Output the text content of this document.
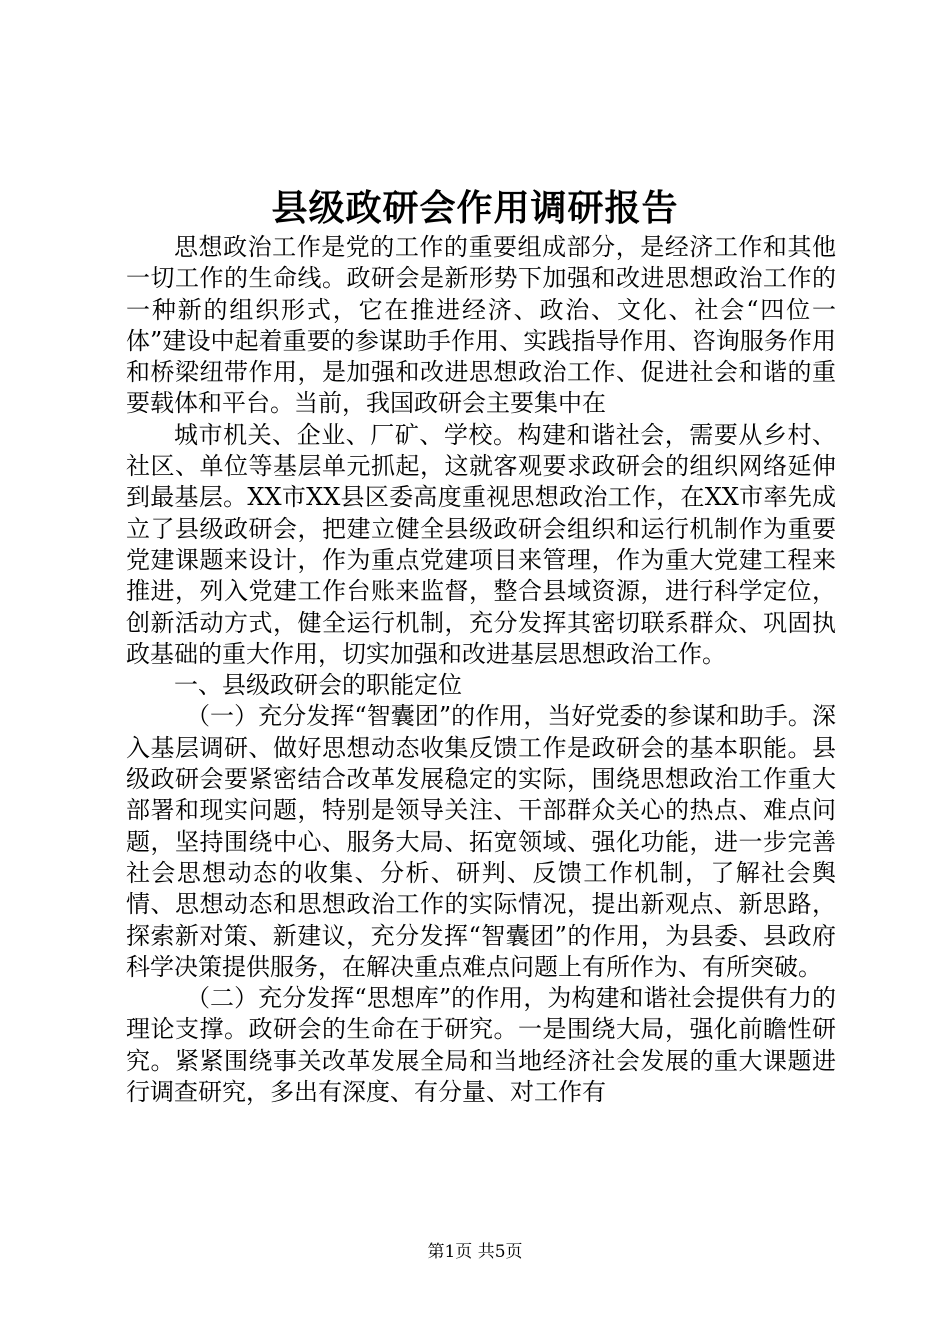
县级政研会作用调研报告

思想政治工作是党的工作的重要组成部分，是经济工作和其他一切工作的生命线。政研会是新形势下加强和改进思想政治工作的一种新的组织形式，它在推进经济、政治、文化、社会“四位一体”建设中起着重要的参谋助手作用、实践指导作用、咨询服务作用和桥梁纽带作用，是加强和改进思想政治工作、促进社会和谐的重要载体和平台。当前，我国政研会主要集中在

城市机关、企业、厂矿、学校。构建和谐社会，需要从乡村、社区、单位等基层单元抓起，这就客观要求政研会的组织网络延伸到最基层。XX市XX县区委高度重视思想政治工作，在XX市率先成立了县级政研会，把建立健全县级政研会组织和运行机制作为重要党建课题来设计，作为重点党建项目来管理，作为重大党建工程来推进，列入党建工作台账来监督，整合县域资源，进行科学定位，创新活动方式，健全运行机制，充分发挥其密切联系群众、巩固执政基础的重大作用，切实加强和改进基层思想政治工作。

一、县级政研会的职能定位

（一）充分发挥“智囊团”的作用，当好党委的参谋和助手。深入基层调研、做好思想动态收集反馈工作是政研会的基本职能。县级政研会要紧密结合改革发展稳定的实际，围绕思想政治工作重大部署和现实问题，特别是领导关注、干部群众关心的热点、难点问题，坚持围绕中心、服务大局、拓宽领域、强化功能，进一步完善社会思想动态的收集、分析、研判、反馈工作机制，了解社会舆情、思想动态和思想政治工作的实际情况，提出新观点、新思路，探索新对策、新建议，充分发挥“智囊团”的作用，为县委、县政府科学决策提供服务，在解决重点难点问题上有所作为、有所突破。

（二）充分发挥“思想库”的作用，为构建和谐社会提供有力的理论支撑。政研会的生命在于研究。一是围绕大局，强化前瞻性研究。紧紧围绕事关改革发展全局和当地经济社会发展的重大课题进行调查研究，多出有深度、有分量、对工作有

第1页 共5页
